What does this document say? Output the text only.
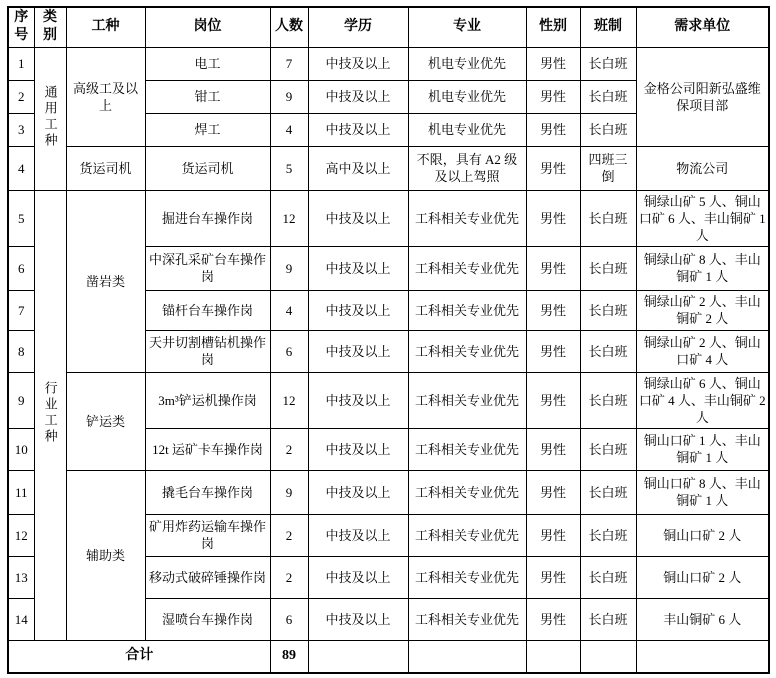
序号	类别	工种	岗位	人数	学历	专业	性别	班制	需求单位
1	通用工种	高级工及以上	电工	7	中技及以上	机电专业优先	男性	长白班	金格公司阳新弘盛维保项目部
2			钳工	9	中技及以上	机电专业优先	男性	长白班	
3			焊工	4	中技及以上	机电专业优先	男性	长白班	
4		货运司机	货运司机	5	高中及以上	不限，具有 A2 级及以上驾照	男性	四班三倒	物流公司
5	行业工种	凿岩类	掘进台车操作岗	12	中技及以上	工科相关专业优先	男性	长白班	铜绿山矿 5 人、铜山口矿 6 人、丰山铜矿 1 人
6			中深孔采矿台车操作岗	9	中技及以上	工科相关专业优先	男性	长白班	铜绿山矿 8 人、丰山铜矿 1 人
7			锚杆台车操作岗	4	中技及以上	工科相关专业优先	男性	长白班	铜绿山矿 2 人、丰山铜矿 2 人
8			天井切割槽钻机操作岗	6	中技及以上	工科相关专业优先	男性	长白班	铜绿山矿 2 人、铜山口矿 4 人
9		铲运类	3m³铲运机操作岗	12	中技及以上	工科相关专业优先	男性	长白班	铜绿山矿 6 人、铜山口矿 4 人、丰山铜矿 2 人
10			12t 运矿卡车操作岗	2	中技及以上	工科相关专业优先	男性	长白班	铜山口矿 1 人、丰山铜矿 1 人
11		辅助类	撬毛台车操作岗	9	中技及以上	工科相关专业优先	男性	长白班	铜山口矿 8 人、丰山铜矿 1 人
12			矿用炸药运输车操作岗	2	中技及以上	工科相关专业优先	男性	长白班	铜山口矿 2 人
13			移动式破碎锤操作岗	2	中技及以上	工科相关专业优先	男性	长白班	铜山口矿 2 人
14			湿喷台车操作岗	6	中技及以上	工科相关专业优先	男性	长白班	丰山铜矿 6 人
合计				89					
